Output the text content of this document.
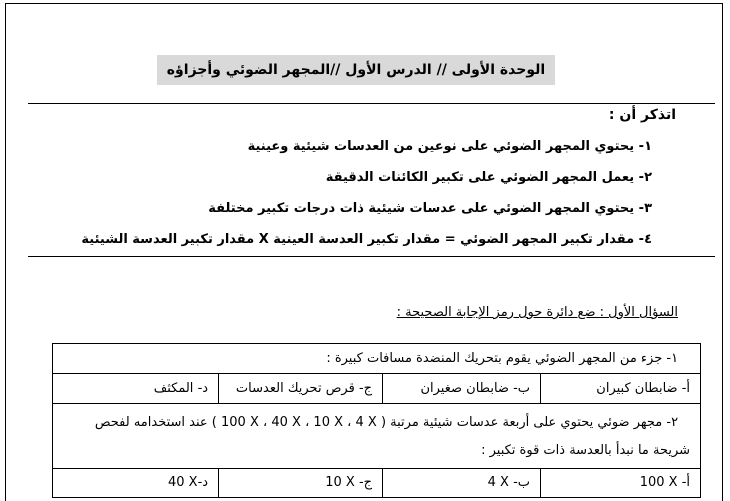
الوحدة الأولى // الدرس الأول //المجهر الضوئي وأجزاؤه
اتذكر أن :
١- يحتوي المجهر الضوئي على نوعين من العدسات شيئية وعينية
٢- يعمل المجهر الضوئي على تكبير الكائنات الدقيقة
٣- يحتوي المجهر الضوئي على عدسات شيئية ذات درجات تكبير مختلفة
٤- مقدار تكبير المجهر الضوئي = مقدار تكبير العدسة العينية X مقدار تكبير العدسة الشيئية
السؤال الأول : ضع دائرة حول رمز الإجابة الصحيحة :
١- جزء من المجهر الضوئي يقوم بتحريك المنضدة مسافات كبيرة :			
أ- ضابطان كبيران	ب- ضابطان صغيران	ج- قرص تحريك العدسات	د- المكثف
٢- مجهر ضوئي يحتوي على أربعة عدسات شيئية مرتبة ( 4 X ، 10 X ، 40 X ، 100 X ) عند استخدامه لفحص شريحة ما نبدأ بالعدسة ذات قوة تكبير :			
أ- 100 X	ب- 4 X	ج- 10 X	د-40 X
